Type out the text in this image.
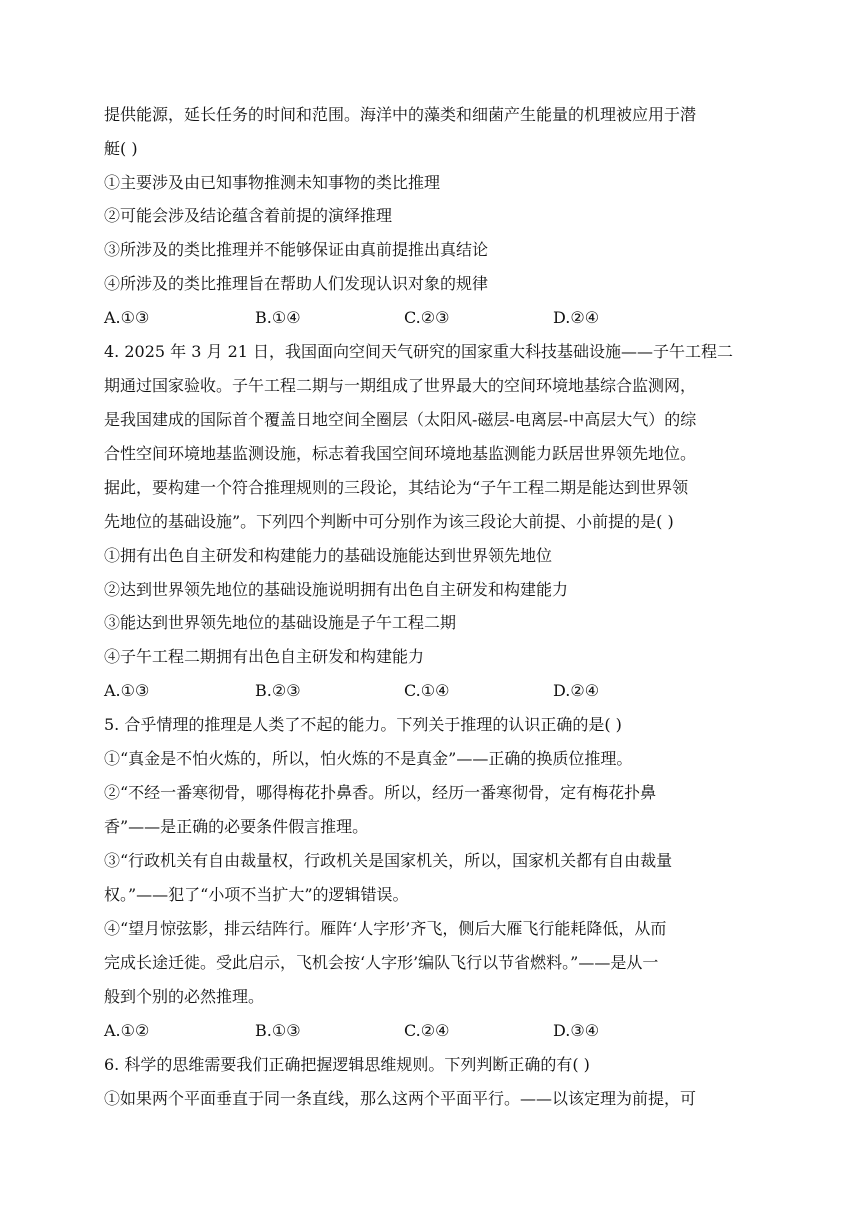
提供能源，延长任务的时间和范围。海洋中的藻类和细菌产生能量的机理被应用于潜
艇( )
①主要涉及由已知事物推测未知事物的类比推理
②可能会涉及结论蕴含着前提的演绎推理
③所涉及的类比推理并不能够保证由真前提推出真结论
④所涉及的类比推理旨在帮助人们发现认识对象的规律
A.①③	B.①④	C.②③	D.②④
4. 2025 年 3 月 21 日，我国面向空间天气研究的国家重大科技基础设施——子午工程二
期通过国家验收。子午工程二期与一期组成了世界最大的空间环境地基综合监测网，
是我国建成的国际首个覆盖日地空间全圈层（太阳风-磁层-电离层-中高层大气）的综
合性空间环境地基监测设施，标志着我国空间环境地基监测能力跃居世界领先地位。
据此，要构建一个符合推理规则的三段论，其结论为“子午工程二期是能达到世界领
先地位的基础设施”。下列四个判断中可分别作为该三段论大前提、小前提的是( )
①拥有出色自主研发和构建能力的基础设施能达到世界领先地位
②达到世界领先地位的基础设施说明拥有出色自主研发和构建能力
③能达到世界领先地位的基础设施是子午工程二期
④子午工程二期拥有出色自主研发和构建能力
A.①③	B.②③	C.①④	D.②④
5. 合乎情理的推理是人类了不起的能力。下列关于推理的认识正确的是( )
①“真金是不怕火炼的，所以，怕火炼的不是真金”——正确的换质位推理。
②“不经一番寒彻骨，哪得梅花扑鼻香。所以，经历一番寒彻骨，定有梅花扑鼻
香”——是正确的必要条件假言推理。
③“行政机关有自由裁量权，行政机关是国家机关，所以，国家机关都有自由裁量
权。”——犯了“小项不当扩大”的逻辑错误。
④“望月惊弦影，排云结阵行。雁阵‘人字形’齐飞，侧后大雁飞行能耗降低，从而
完成长途迁徙。受此启示，飞机会按‘人字形’编队飞行以节省燃料。”——是从一
般到个别的必然推理。
A.①②	B.①③	C.②④	D.③④
6. 科学的思维需要我们正确把握逻辑思维规则。下列判断正确的有( )
①如果两个平面垂直于同一条直线，那么这两个平面平行。——以该定理为前提，可
